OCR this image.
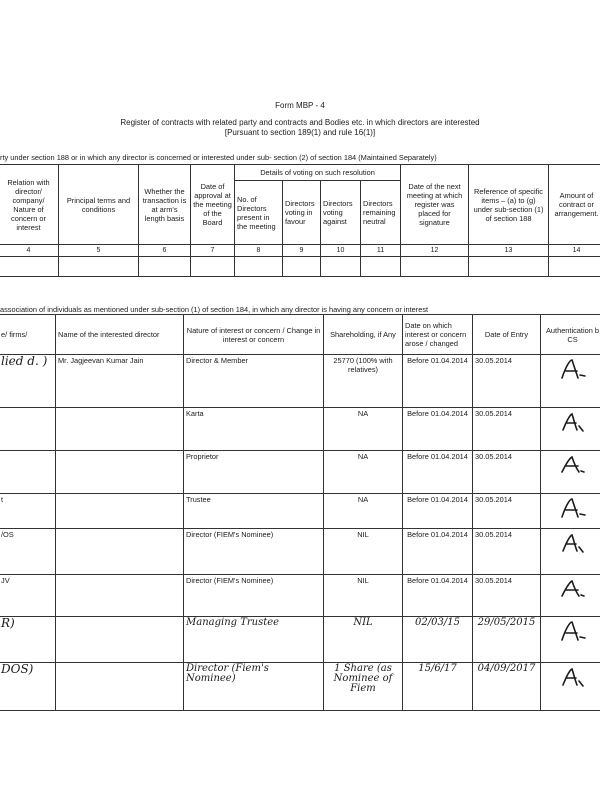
Form MBP - 4
Register of contracts with related party and contracts and Bodies etc. in which directors are interested
[Pursuant to section 189(1) and rule 16(1)]
rty under section 188 or in which any director is concerned or interested under sub- section (2) of section 184 (Maintained Separately)
Relation with director/ company/ Nature of concern or interest	Principal terms and conditions	Whether the transaction is at arm's length basis	Date of approval at the meeting of the Board	Details of voting on such resolution				Date of the next meeting at which register was placed for signature	Reference of specific items – (a) to (g) under sub-section (1) of section 188	Amount of contract or arrangement.
				No. of Directors present in the meeting	Directors voting in favour	Directors voting against	Directors remaining neutral			
4	5	6	7	8	9	10	11	12	13	14

association of individuals as mentioned under sub-section (1) of section 184, in which any director is having any concern or interest
e/ firms/	Name of the interested director	Nature of interest or concern / Change in interest or concern	Shareholding, if Any	Date on which interest or concern arose / changed	Date of Entry	Authentication b CS
lied d. )	Mr. Jagjeevan Kumar Jain	Director & Member	25770 (100% with relatives)	Before 01.04.2014	30.05.2014	
		Karta	NA	Before 01.04.2014	30.05.2014	
		Proprietor	NA	Before 01.04.2014	30.05.2014	
t		Trustee	NA	Before 01.04.2014	30.05.2014	
/OS		Director (FIEM's Nominee)	NIL	Before 01.04.2014	30.05.2014	
JV		Director (FIEM's Nominee)	NIL	Before 01.04.2014	30.05.2014	
R)		Managing Trustee	NIL	02/03/15	29/05/2015	
DOS)		Director (Fiem's Nominee)	1 Share (as Nominee of Fiem	15/6/17	04/09/2017	
